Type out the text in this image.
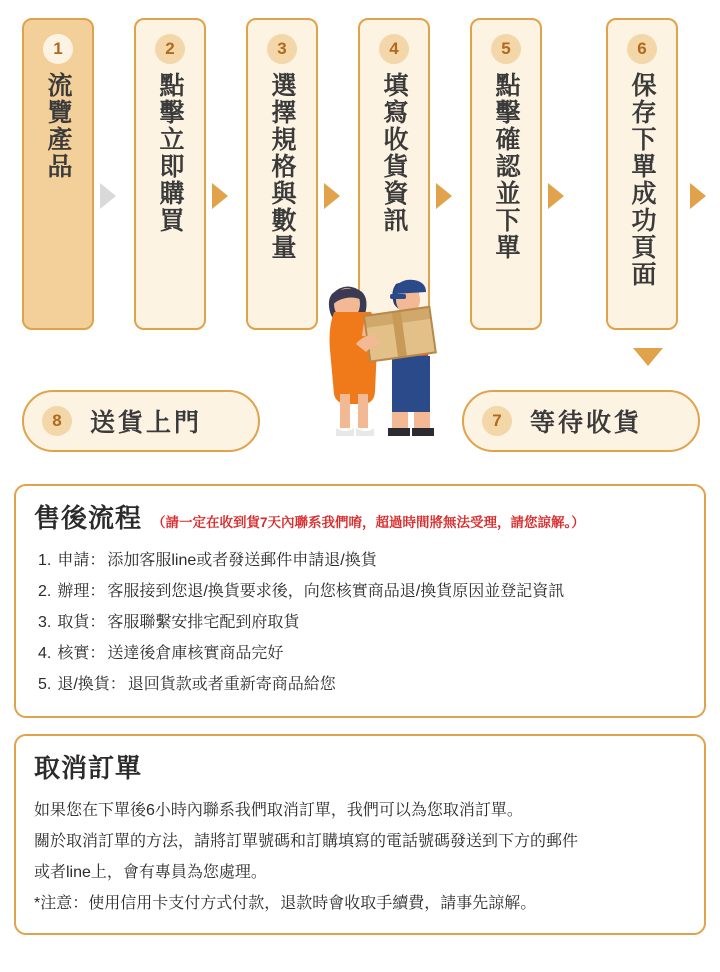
1
流覽產品
2
點擊立即購買
3
選擇規格與數量
4
填寫收貨資訊
5
點擊確認並下單
6
保存下單成功頁面
8	送貨上門	7	等待收貨
售後流程 （請一定在收到貨7天內聯系我們唷，超過時間將無法受理，請您諒解。）
1. 申請： 添加客服line或者發送郵件申請退/換貨
2. 辦理： 客服接到您退/換貨要求後，向您核實商品退/換貨原因並登記資訊
3. 取貨： 客服聯繫安排宅配到府取貨
4. 核實： 送達後倉庫核實商品完好
5. 退/換貨： 退回貨款或者重新寄商品給您
取消訂單

如果您在下單後6小時內聯系我們取消訂單，我們可以為您取消訂單。

關於取消訂單的方法，請將訂單號碼和訂購填寫的電話號碼發送到下方的郵件

或者line上，會有專員為您處理。

*注意：使用信用卡支付方式付款，退款時會收取手續費，請事先諒解。
